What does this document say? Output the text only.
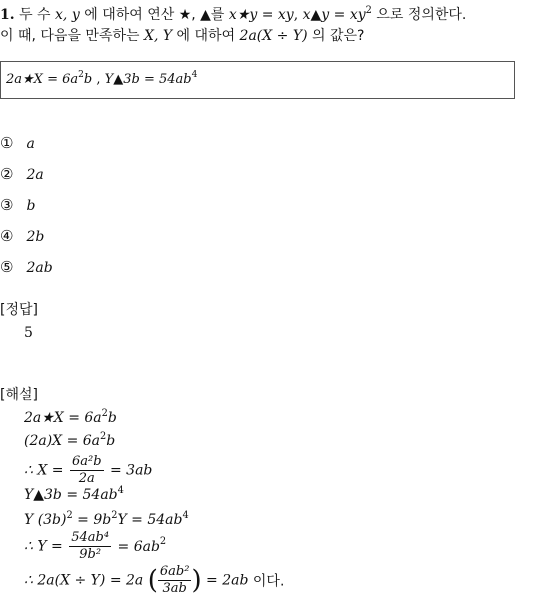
1. 두 수 x, y 에 대하여 연산 ★, ▲를 x★y = xy, x▲y = $xy^2$ 으로 정의한다.
이 때, 다음을 만족하는 X, Y 에 대하여 2a(X ÷ Y) 의 값은?
2a★X = $6a^2b$ , Y▲3b = $54ab^4$
① a
② 2a
③ b
④ 2b
⑤ 2ab
[정답]
5
[해설]
2a★X = $6a^2b$
$(2a)X = 6a^2b$
∴ $X = \frac{\text{6a²b}}{2a} = 3ab$
Y▲3b = $54ab^4$
Y $(3b)^2 = 9b^2Y = 54ab^4$
∴ $Y = \frac{\text{54ab⁴}}{\text{9b²}} = 6ab^2$
∴ 2a(X ÷ Y) = 2a ( $\frac{\text{6ab²}}{3ab}$ ) = 2ab 이다.
